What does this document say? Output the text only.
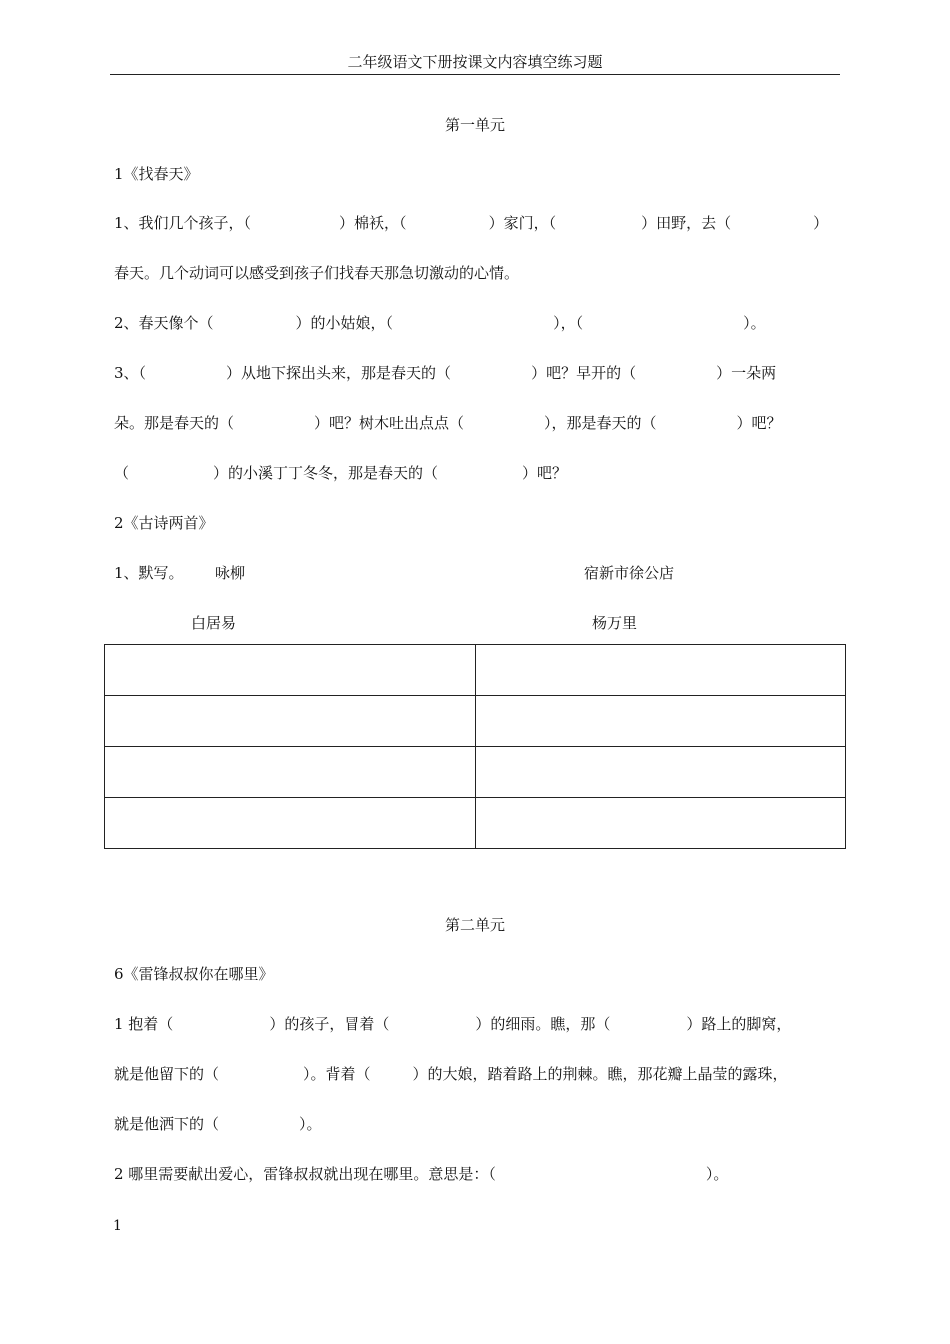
二年级语文下册按课文内容填空练习题
第一单元
1《找春天》
1、我们几个孩子，（	）棉袄，（	）家门，（	）田野，去（	）
春天。几个动词可以感受到孩子们找春天那急切激动的心情。
2、春天像个（	）的小姑娘，（	），（	）。
3、（	）从地下探出头来，那是春天的（	）吧？早开的（	）一朵两
朵。那是春天的（	）吧？树木吐出点点（	），那是春天的（	）吧？
（	）的小溪丁丁冬冬，那是春天的（	）吧？
2《古诗两首》
1、默写。 咏柳	宿新市徐公店
白居易	杨万里

第二单元
6《雷锋叔叔你在哪里》
1 抱着（	）的孩子，冒着（	）的细雨。瞧，那（	）路上的脚窝，
就是他留下的（	）。背着（	）的大娘，踏着路上的荆棘。瞧，那花瓣上晶莹的露珠，
就是他洒下的（	）。
2 哪里需要献出爱心，雷锋叔叔就出现在哪里。意思是：（	）。
1
